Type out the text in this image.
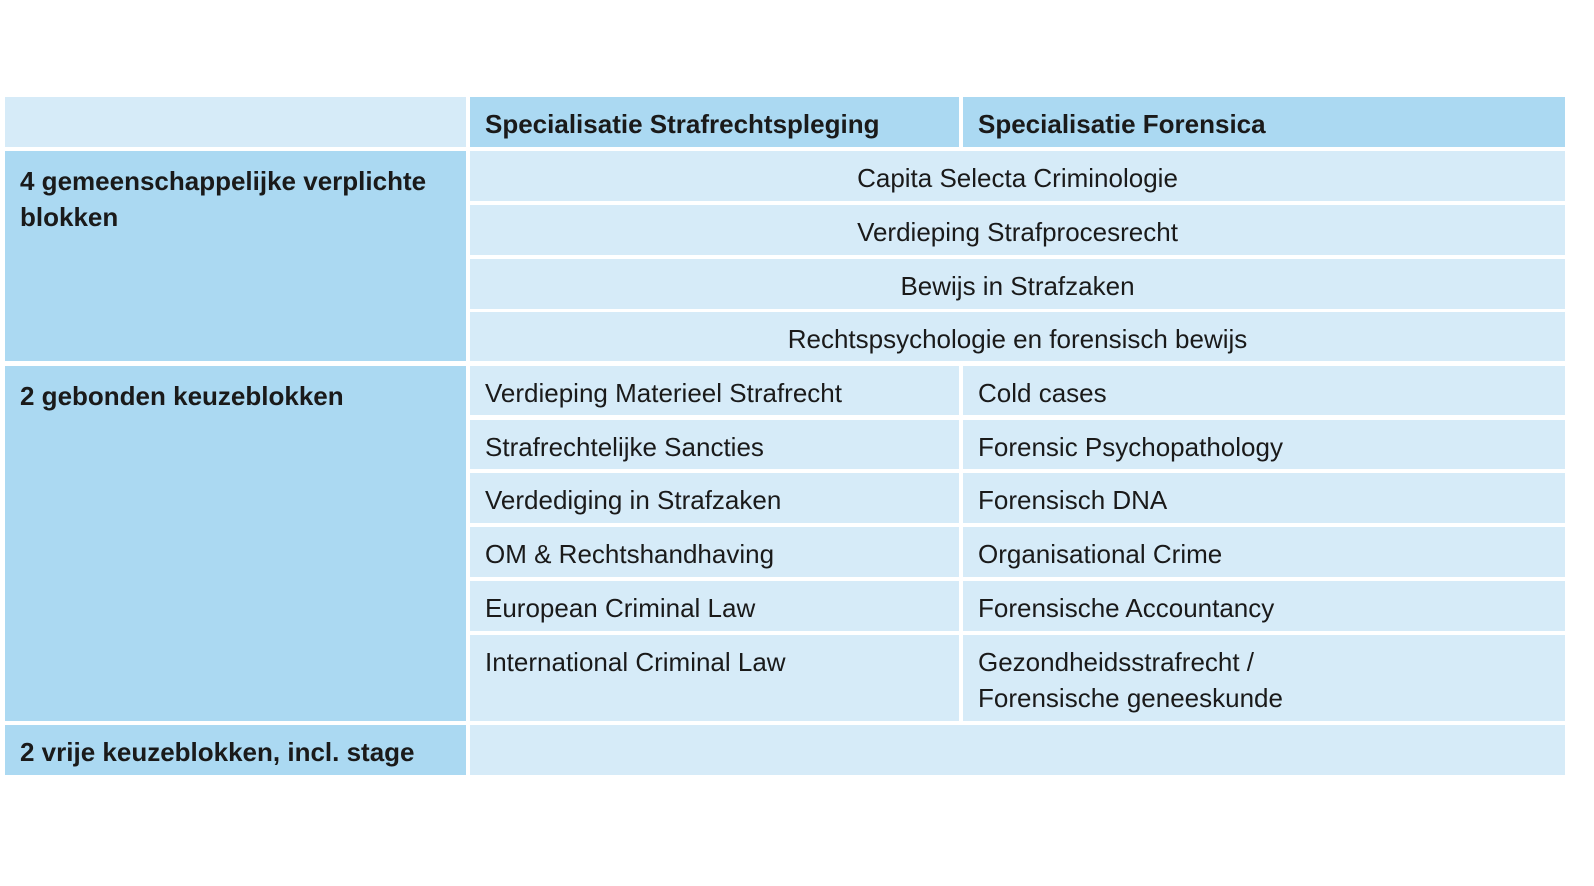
Specialisatie Strafrechtspleging	Specialisatie Forensica
4 gemeenschappelijke verplichte blokken
Capita Selecta Criminologie
Verdieping Strafprocesrecht
Bewijs in Strafzaken
Rechtspsychologie en forensisch bewijs
2 gebonden keuzeblokken	Verdieping Materieel Strafrecht	Cold cases
Strafrechtelijke Sancties	Forensic Psychopathology
Verdediging in Strafzaken	Forensisch DNA
OM & Rechtshandhaving	Organisational Crime
European Criminal Law	Forensische Accountancy
International Criminal Law	Gezondheidsstrafrecht /
Forensische geneeskunde
2 vrije keuzeblokken, incl. stage
